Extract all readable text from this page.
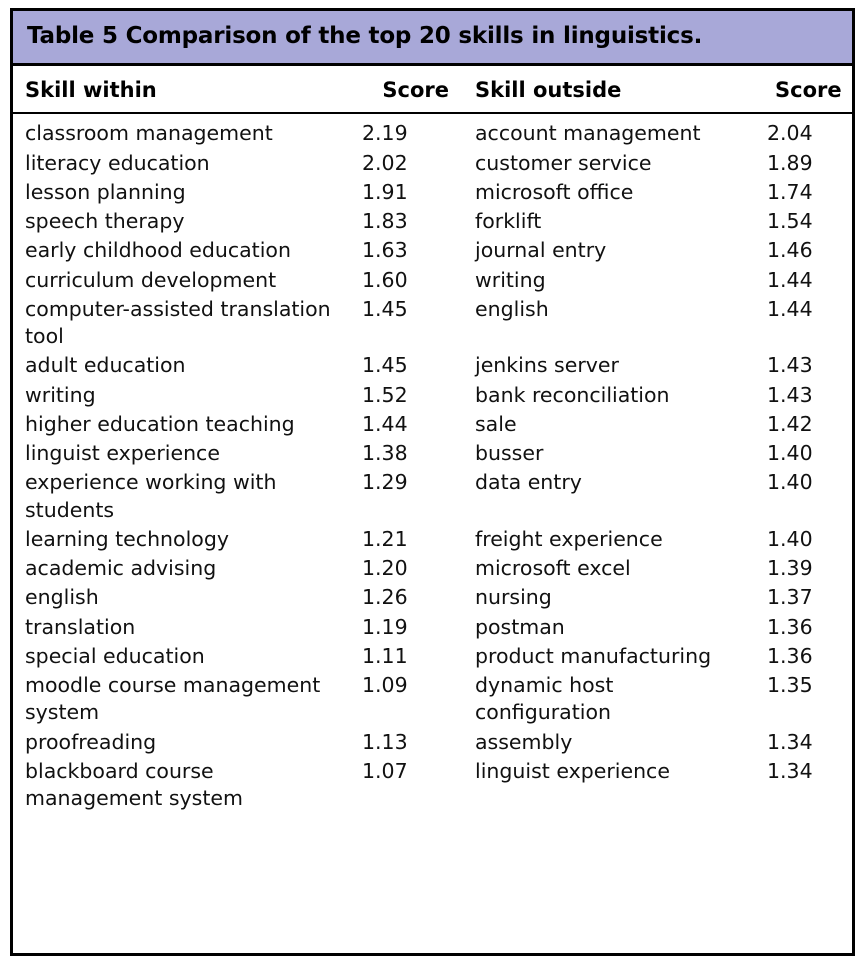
Table 5 Comparison of the top 20 skills in linguistics.
Skill within	Score	Skill outside	Score
classroom management	2.19	account management	2.04
literacy education	2.02	customer service	1.89
lesson planning	1.91	microsoft office	1.74
speech therapy	1.83	forklift	1.54
early childhood education	1.63	journal entry	1.46
curriculum development	1.60	writing	1.44
computer-assisted translation tool	1.45	english	1.44
adult education	1.45	jenkins server	1.43
writing	1.52	bank reconciliation	1.43
higher education teaching	1.44	sale	1.42
linguist experience	1.38	busser	1.40
experience working with students	1.29	data entry	1.40
learning technology	1.21	freight experience	1.40
academic advising	1.20	microsoft excel	1.39
english	1.26	nursing	1.37
translation	1.19	postman	1.36
special education	1.11	product manufacturing	1.36
moodle course management system	1.09	dynamic host configuration	1.35
proofreading	1.13	assembly	1.34
blackboard course management system	1.07	linguist experience	1.34
